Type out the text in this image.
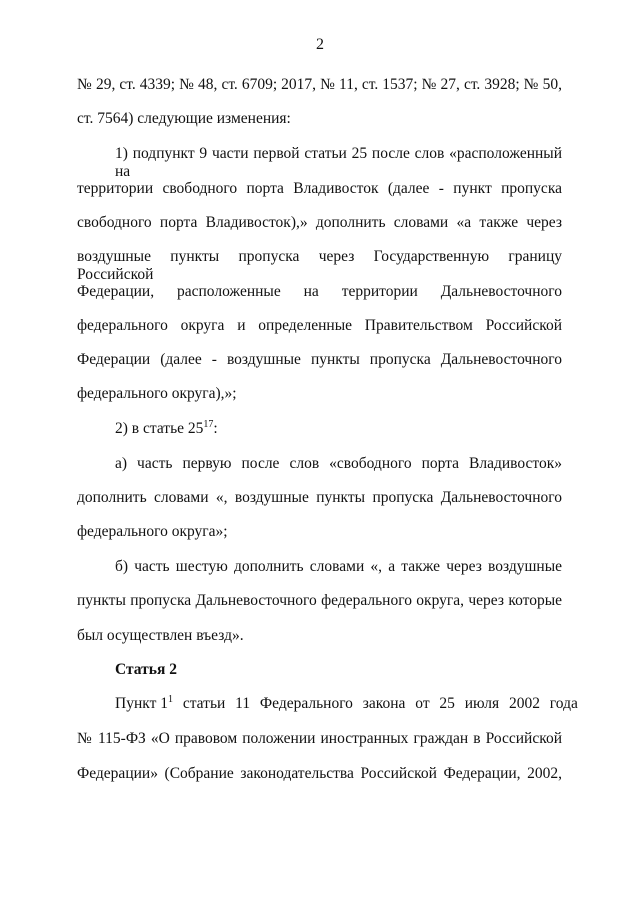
2
№ 29, ст. 4339; № 48, ст. 6709; 2017, № 11, ст. 1537; № 27, ст. 3928; № 50,
ст. 7564) следующие изменения:
1) подпункт 9 части первой статьи 25 после слов «расположенный на
территории свободного порта Владивосток (далее - пункт пропуска
свободного порта Владивосток),» дополнить словами «а также через
воздушные пункты пропуска через Государственную границу Российской
Федерации, расположенные на территории Дальневосточного
федерального округа и определенные Правительством Российской
Федерации (далее - воздушные пункты пропуска Дальневосточного
федерального округа),»;
2) в статье $25^{17}$:
а) часть первую после слов «свободного порта Владивосток»
дополнить словами «, воздушные пункты пропуска Дальневосточного
федерального округа»;
б) часть шестую дополнить словами «, а также через воздушные
пункты пропуска Дальневосточного федерального округа, через которые
был осуществлен въезд».
Статья 2
Пункт $1^1$ статьи 11 Федерального закона от 25 июля 2002 года
№ 115-ФЗ «О правовом положении иностранных граждан в Российской
Федерации» (Собрание законодательства Российской Федерации, 2002,
